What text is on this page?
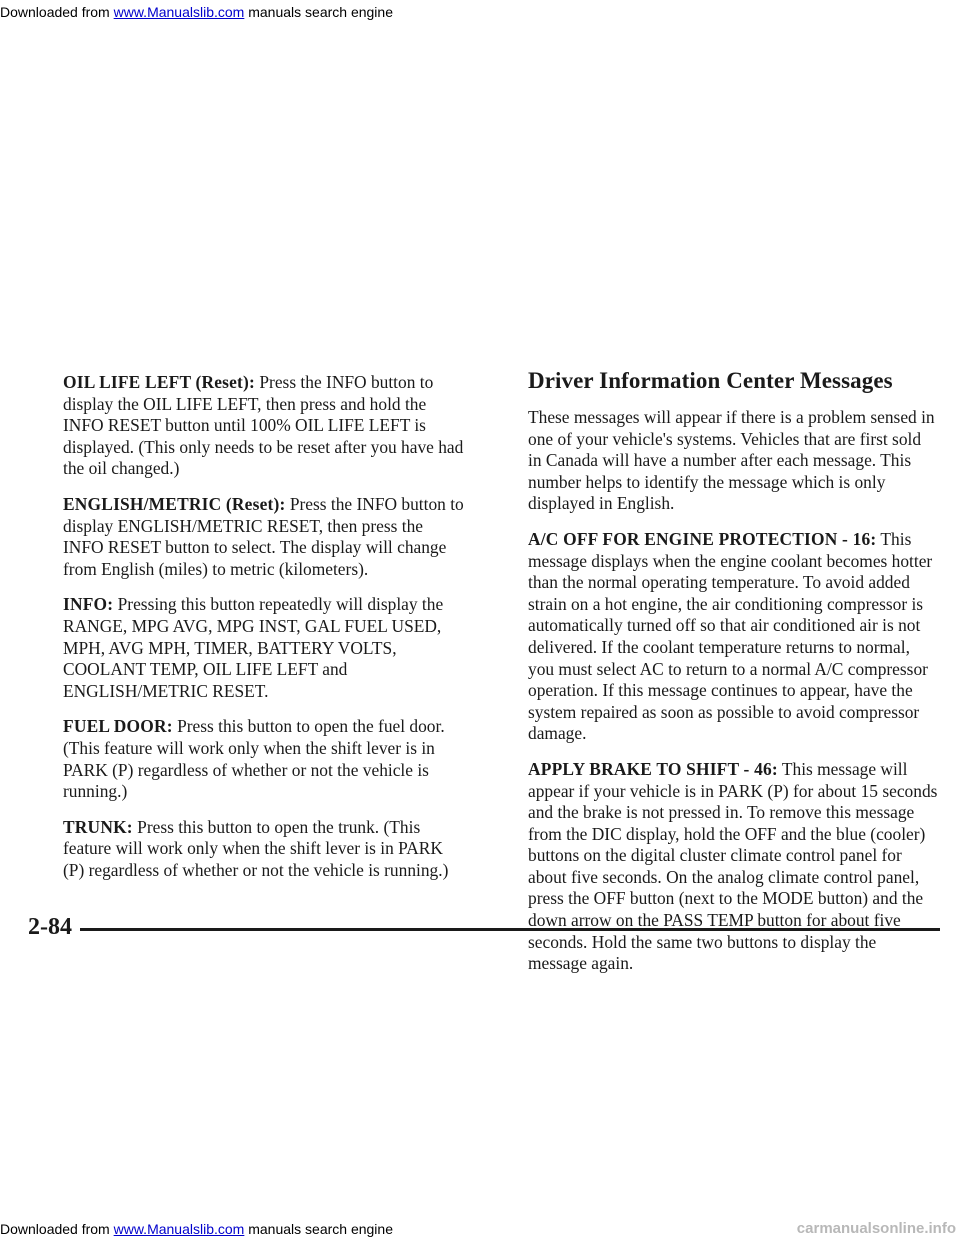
Downloaded from www.Manualslib.com manuals search engine

OIL LIFE LEFT (Reset): Press the INFO button to display the OIL LIFE LEFT, then press and hold the INFO RESET button until 100% OIL LIFE LEFT is displayed. (This only needs to be reset after you have had the oil changed.)

ENGLISH/METRIC (Reset): Press the INFO button to display ENGLISH/METRIC RESET, then press the INFO RESET button to select. The display will change from English (miles) to metric (kilometers).

INFO: Pressing this button repeatedly will display the RANGE, MPG AVG, MPG INST, GAL FUEL USED, MPH, AVG MPH, TIMER, BATTERY VOLTS, COOLANT TEMP, OIL LIFE LEFT and ENGLISH/METRIC RESET.

FUEL DOOR: Press this button to open the fuel door. (This feature will work only when the shift lever is in PARK (P) regardless of whether or not the vehicle is running.)

TRUNK: Press this button to open the trunk. (This feature will work only when the shift lever is in PARK (P) regardless of whether or not the vehicle is running.)

Driver Information Center Messages

These messages will appear if there is a problem sensed in one of your vehicle's systems. Vehicles that are first sold in Canada will have a number after each message. This number helps to identify the message which is only displayed in English.

A/C OFF FOR ENGINE PROTECTION - 16: This message displays when the engine coolant becomes hotter than the normal operating temperature. To avoid added strain on a hot engine, the air conditioning compressor is automatically turned off so that air conditioned air is not delivered. If the coolant temperature returns to normal, you must select AC to return to a normal A/C compressor operation. If this message continues to appear, have the system repaired as soon as possible to avoid compressor damage.

APPLY BRAKE TO SHIFT - 46: This message will appear if your vehicle is in PARK (P) for about 15 seconds and the brake is not pressed in. To remove this message from the DIC display, hold the OFF and the blue (cooler) buttons on the digital cluster climate control panel for about five seconds. On the analog climate control panel, press the OFF button (next to the MODE button) and the down arrow on the PASS TEMP button for about five seconds. Hold the same two buttons to display the message again.

2-84
Downloaded from www.Manualslib.com manuals search engine	carmanualsonline.info
